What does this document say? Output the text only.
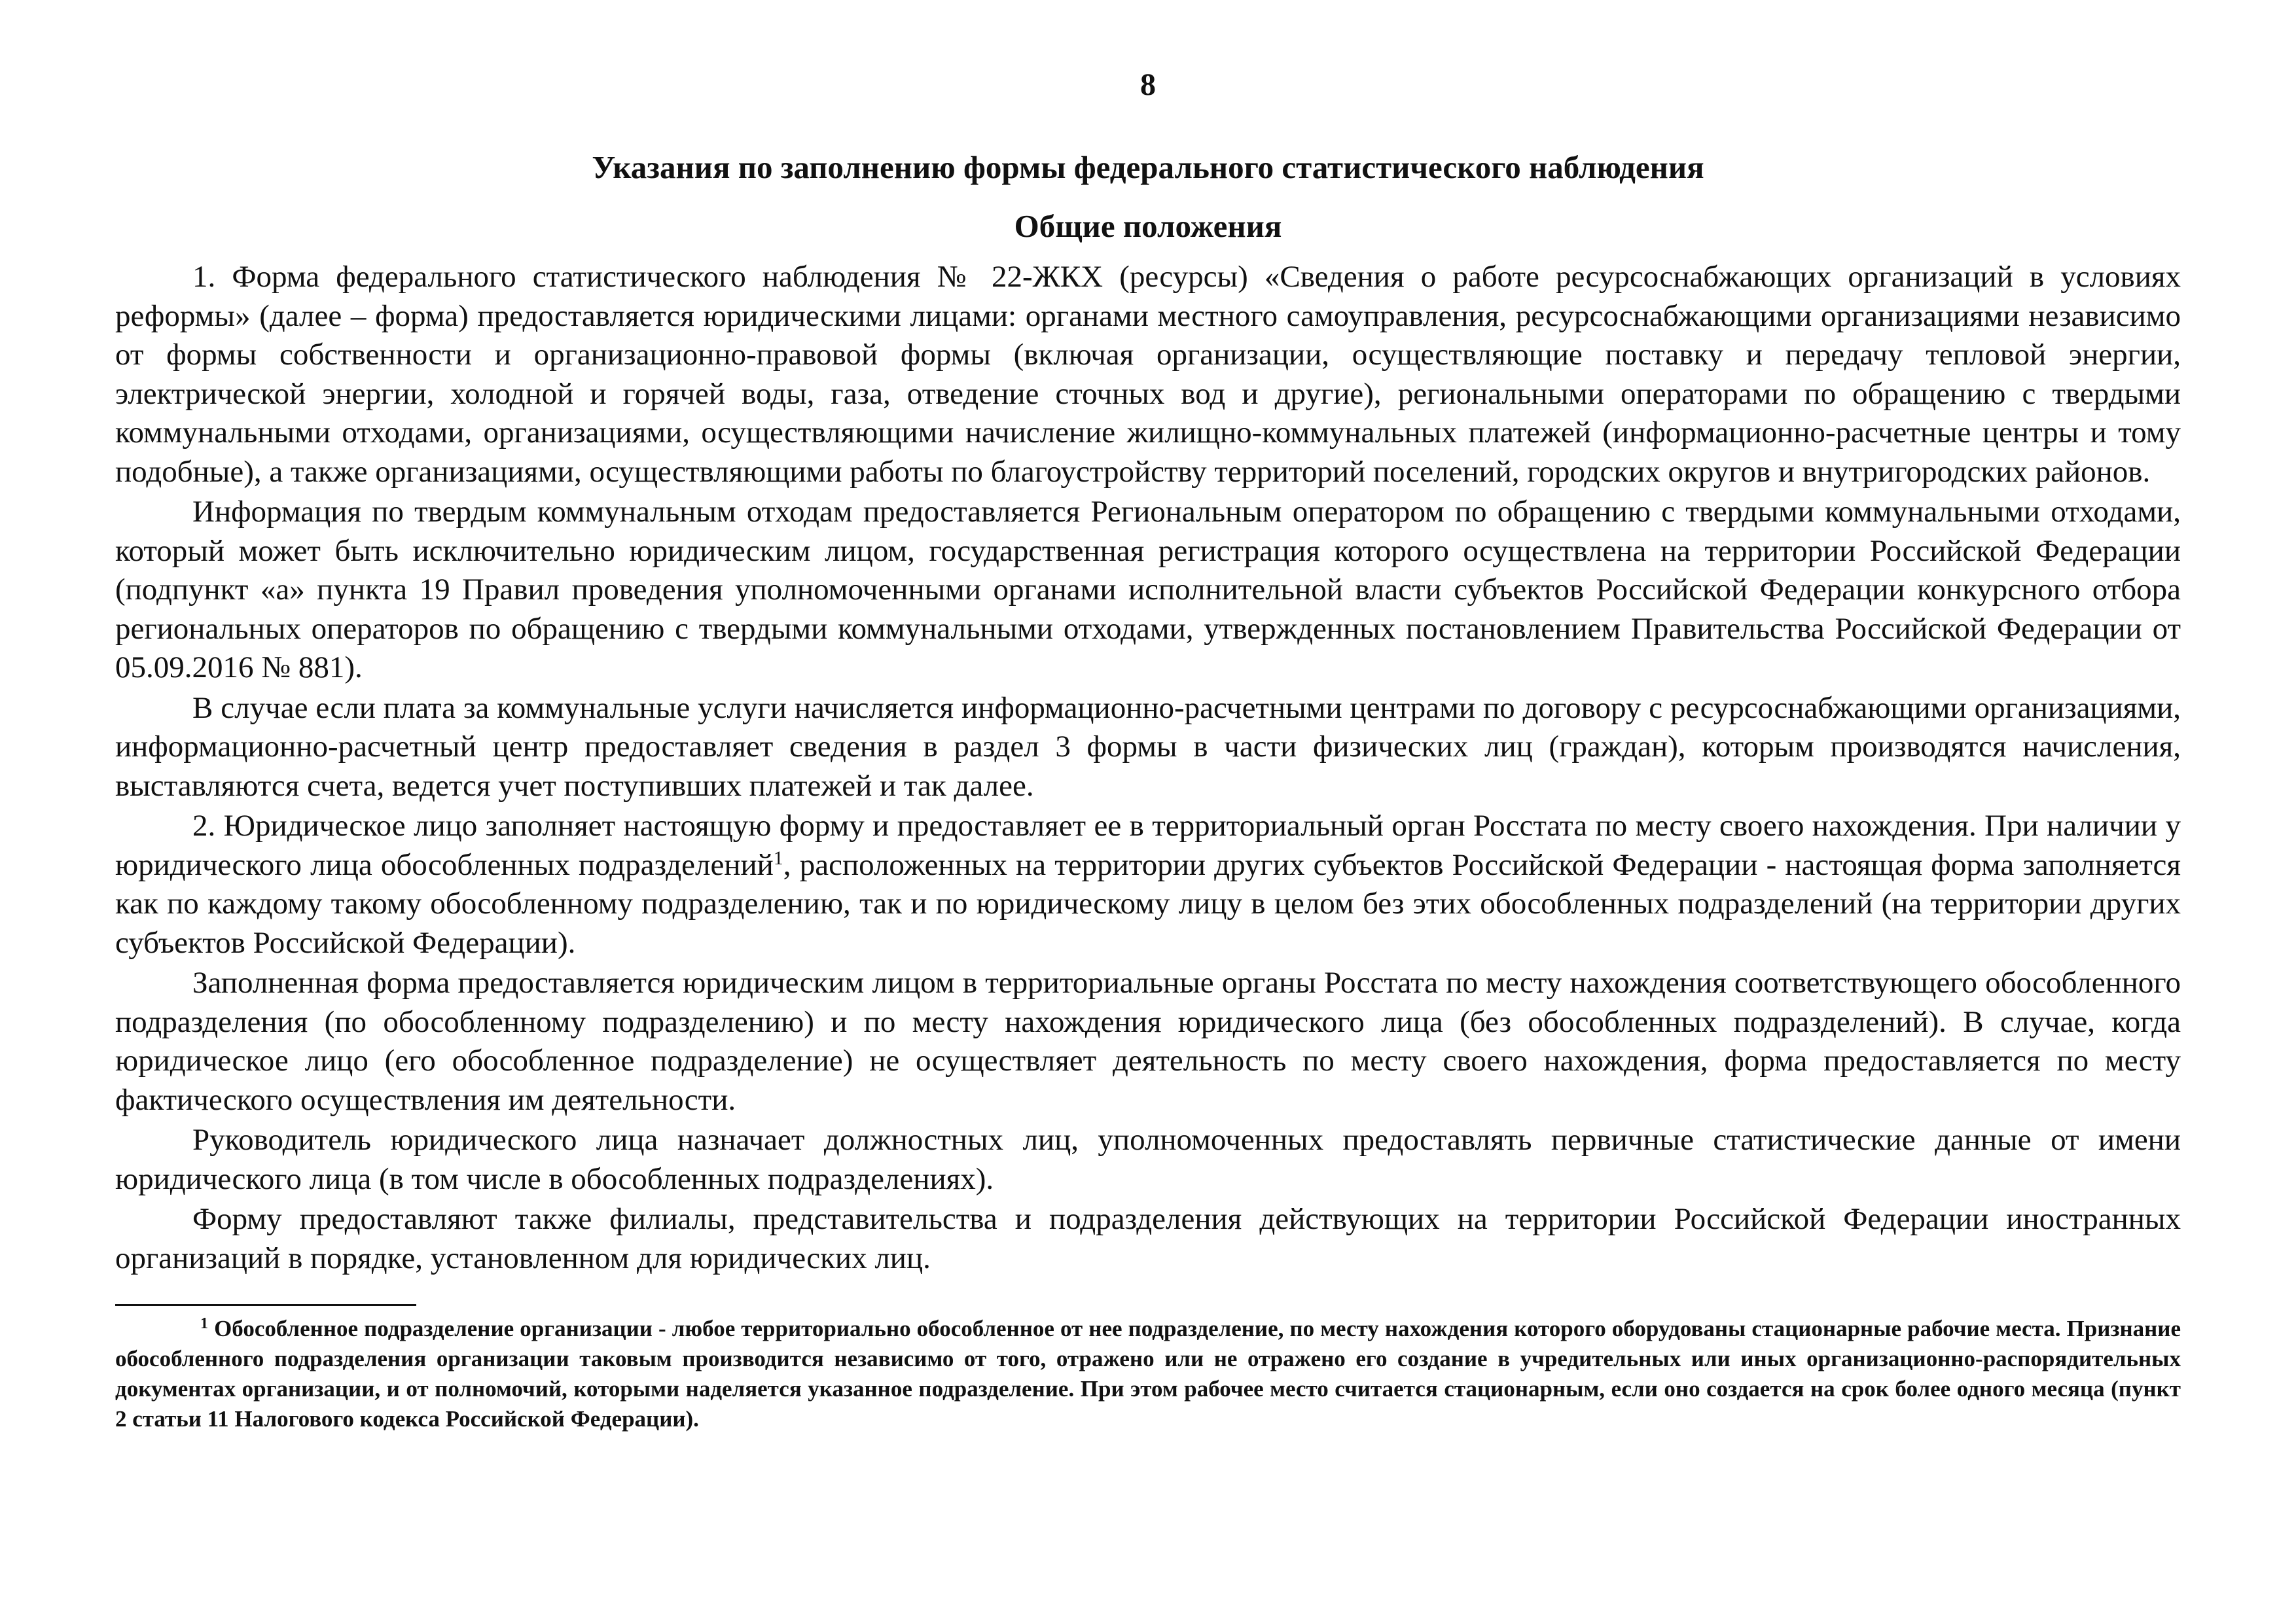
8
Указания по заполнению формы федерального статистического наблюдения
Общие положения

1. Форма федерального статистического наблюдения № 22-ЖКХ (ресурсы) «Сведения о работе ресурсоснабжающих организаций в условиях реформы» (далее – форма) предоставляется юридическими лицами: органами местного самоуправления, ресурсоснабжающими организациями независимо от формы собственности и организационно-правовой формы (включая организации, осуществляющие поставку и передачу тепловой энергии, электрической энергии, холодной и горячей воды, газа, отведение сточных вод и другие), региональными операторами по обращению с твердыми коммунальными отходами, организациями, осуществляющими начисление жилищно-коммунальных платежей (информационно-расчетные центры и тому подобные), а также организациями, осуществляющими работы по благоустройству территорий поселений, городских округов и внутригородских районов.

Информация по твердым коммунальным отходам предоставляется Региональным оператором по обращению с твердыми коммунальными отходами, который может быть исключительно юридическим лицом, государственная регистрация которого осуществлена на территории Российской Федерации (подпункт «а» пункта 19 Правил проведения уполномоченными органами исполнительной власти субъектов Российской Федерации конкурсного отбора региональных операторов по обращению с твердыми коммунальными отходами, утвержденных постановлением Правительства Российской Федерации от 05.09.2016 № 881).

В случае если плата за коммунальные услуги начисляется информационно-расчетными центрами по договору с ресурсоснабжающими организациями, информационно-расчетный центр предоставляет сведения в раздел 3 формы в части физических лиц (граждан), которым производятся начисления, выставляются счета, ведется учет поступивших платежей и так далее.

2. Юридическое лицо заполняет настоящую форму и предоставляет ее в территориальный орган Росстата по месту своего нахождения. При наличии у юридического лица обособленных подразделений$^1$, расположенных на территории других субъектов Российской Федерации - настоящая форма заполняется как по каждому такому обособленному подразделению, так и по юридическому лицу в целом без этих обособленных подразделений (на территории других субъектов Российской Федерации).

Заполненная форма предоставляется юридическим лицом в территориальные органы Росстата по месту нахождения соответствующего обособленного подразделения (по обособленному подразделению) и по месту нахождения юридического лица (без обособленных подразделений). В случае, когда юридическое лицо (его обособленное подразделение) не осуществляет деятельность по месту своего нахождения, форма предоставляется по месту фактического осуществления им деятельности.

Руководитель юридического лица назначает должностных лиц, уполномоченных предоставлять первичные статистические данные от имени юридического лица (в том числе в обособленных подразделениях).

Форму предоставляют также филиалы, представительства и подразделения действующих на территории Российской Федерации иностранных организаций в порядке, установленном для юридических лиц.

$^1$ Обособленное подразделение организации - любое территориально обособленное от нее подразделение, по месту нахождения которого оборудованы стационарные рабочие места. Признание обособленного подразделения организации таковым производится независимо от того, отражено или не отражено его создание в учредительных или иных организационно-распорядительных документах организации, и от полномочий, которыми наделяется указанное подразделение. При этом рабочее место считается стационарным, если оно создается на срок более одного месяца (пункт 2 статьи 11 Налогового кодекса Российской Федерации).
